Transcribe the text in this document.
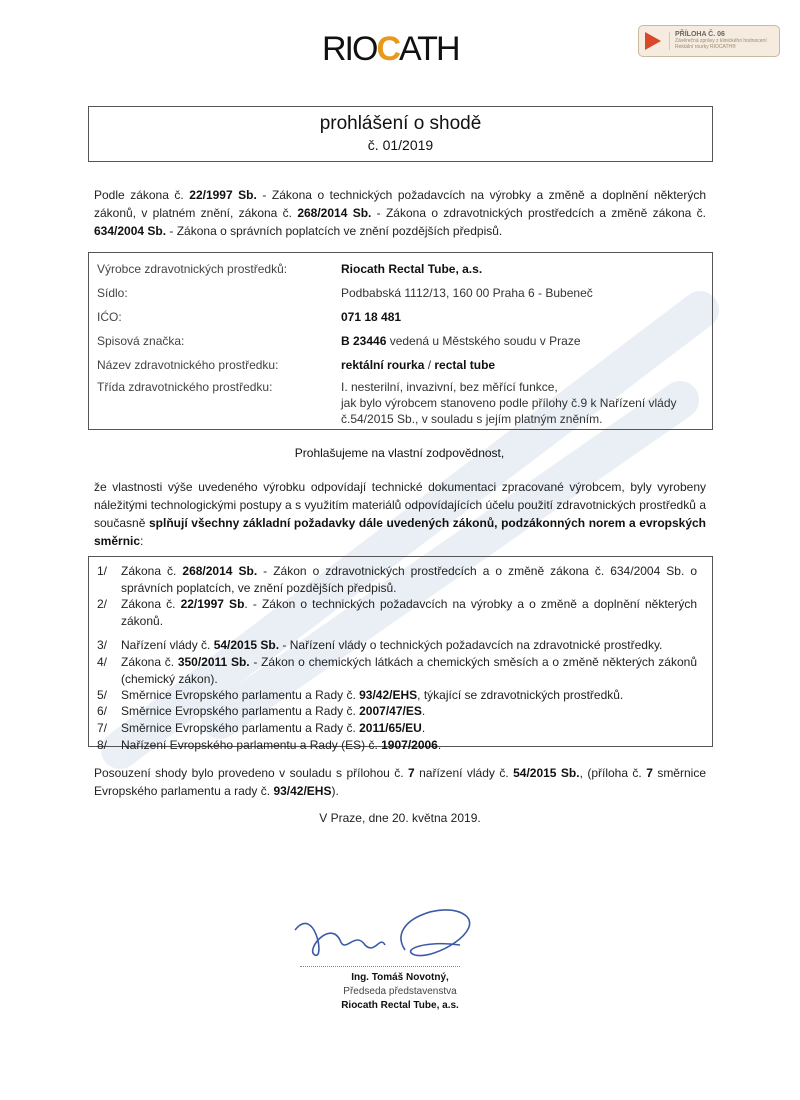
RIOCATH	PŘÍLOHA Č. 06
Závěrečná zprávy z klinického hodnocení
Rektální rourky RIOCATH®
prohlášení o shodě
č. 01/2019
Podle zákona č. 22/1997 Sb. - Zákona o technických požadavcích na výrobky a změně a doplnění některých zákonů, v platném znění, zákona č. 268/2014 Sb. - Zákona o zdravotnických prostředcích a změně zákona č. 634/2004 Sb. - Zákona o správních poplatcích ve znění pozdějších předpisů.
Výrobce zdravotnických prostředků:	Riocath Rectal Tube, a.s.
Sídlo:	Podbabská 1112/13, 160 00 Praha 6 - Bubeneč
IĆO:	071 18 481
Spisová značka:	B 23446 vedená u Městského soudu v Praze
Název zdravotnického prostředku:	rektální rourka / rectal tube
Třída zdravotnického prostředku:	I. nesterilní, invazivní, bez měřící funkce,
jak bylo výrobcem stanoveno podle přílohy č.9 k Nařízení vlády
č.54/2015 Sb., v souladu s jejím platným zněním.
Prohlašujeme na vlastní zodpovědnost,
že vlastnosti výše uvedeného výrobku odpovídají technické dokumentaci zpracované výrobcem, byly vyrobeny náležitými technologickými postupy a s využitím materiálů odpovídajících účelu použití zdravotnických prostředků a současně splňují všechny základní požadavky dále uvedených zákonů, podzákonných norem a evropských směrnic:
1/ Zákona č. 268/2014 Sb. - Zákon o zdravotnických prostředcích a o změně zákona č. 634/2004 Sb. o správních poplatcích, ve znění pozdějších předpisů.
2/ Zákona č. 22/1997 Sb. - Zákon o technických požadavcích na výrobky a o změně a doplnění některých zákonů.
3/ Nařízení vlády č. 54/2015 Sb. - Nařízení vlády o technických požadavcích na zdravotnické prostředky.
4/ Zákona č. 350/2011 Sb. - Zákon o chemických látkách a chemických směsích a o změně některých zákonů (chemický zákon).
5/ Směrnice Evropského parlamentu a Rady č. 93/42/EHS, týkající se zdravotnických prostředků.
6/ Směrnice Evropského parlamentu a Rady č. 2007/47/ES.
7/ Směrnice Evropského parlamentu a Rady č. 2011/65/EU.
8/ Nařízení Evropského parlamentu a Rady (ES) č. 1907/2006.
Posouzení shody bylo provedeno v souladu s přílohou č. 7 nařízení vlády č. 54/2015 Sb., (příloha č. 7 směrnice Evropského parlamentu a rady č. 93/42/EHS).
V Praze, dne 20. května 2019.
Ing. Tomáš Novotný,
Předseda představenstva
Riocath Rectal Tube, a.s.
